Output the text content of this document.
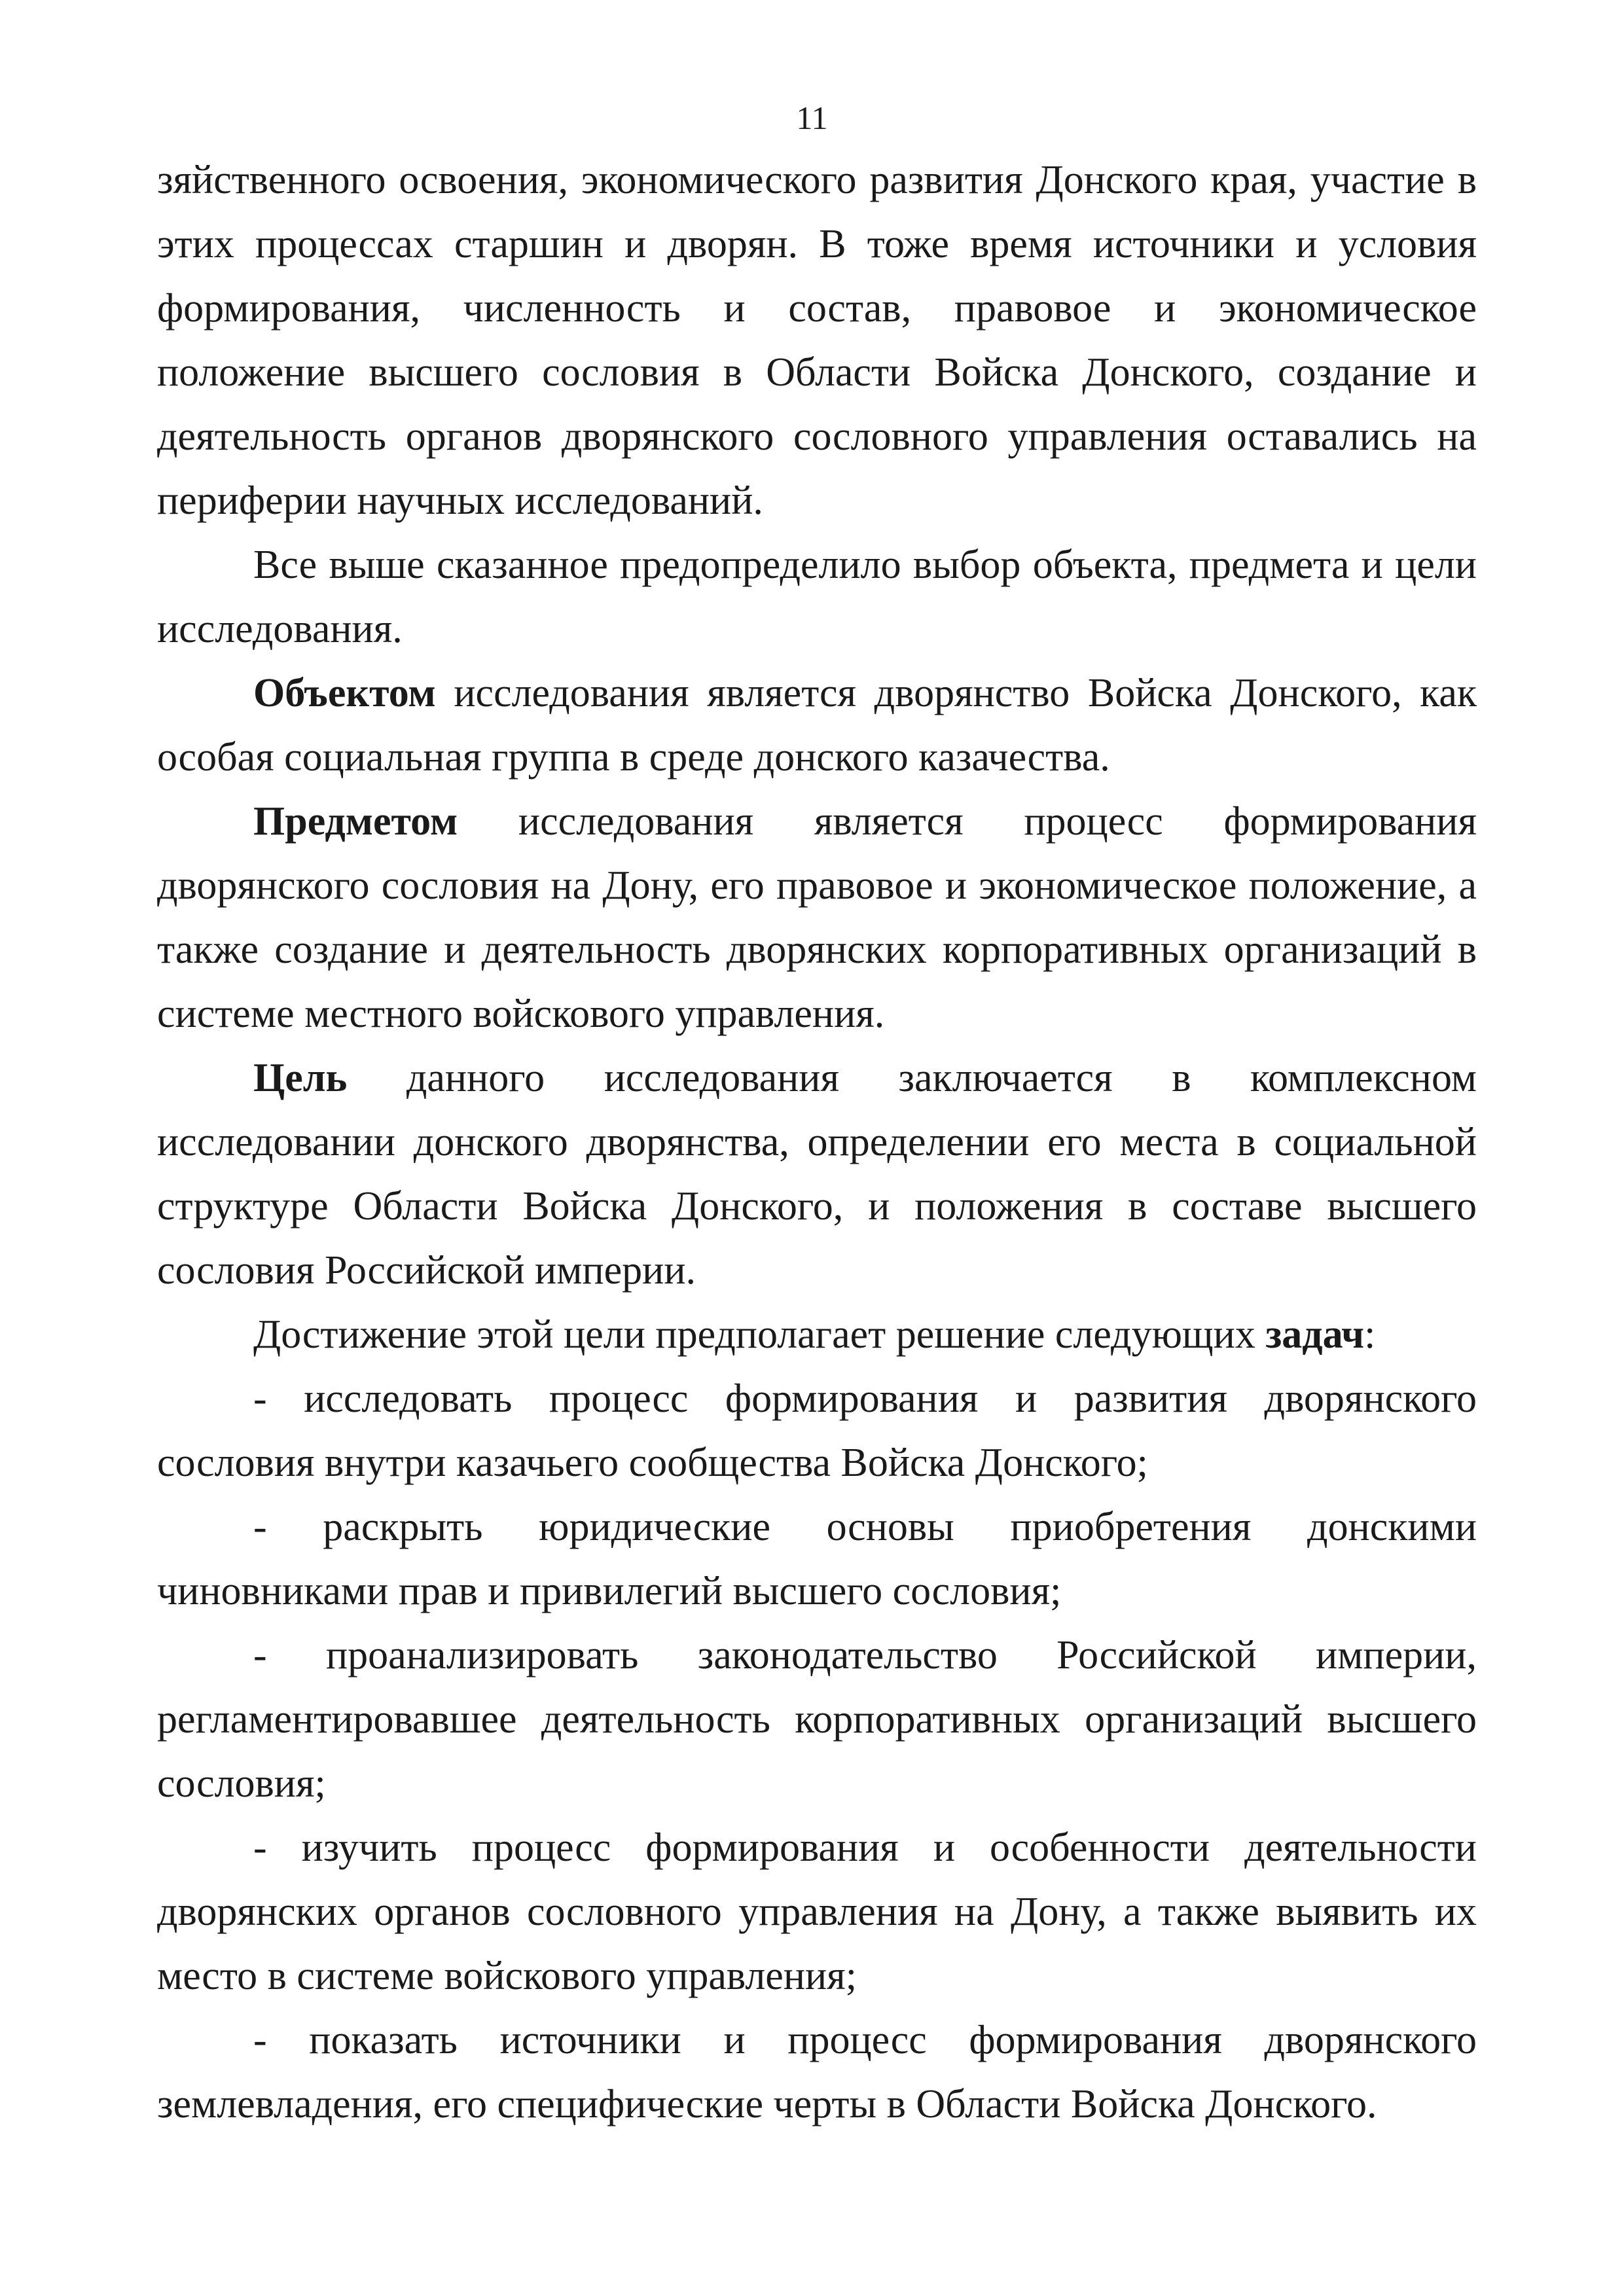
11

зяйственного освоения, экономического развития Донского края, участие в этих процессах старшин и дворян. В тоже время источники и условия формирования, численность и состав, правовое и экономическое положение высшего сословия в Области Войска Донского, создание и деятельность органов дворянского сословного управления оставались на периферии научных исследований.

Все выше сказанное предопределило выбор объекта, предмета и цели исследования.

Объектом исследования является дворянство Войска Донского, как особая социальная группа в среде донского казачества.

Предметом исследования является процесс формирования дворянского сословия на Дону, его правовое и экономическое положение, а также создание и деятельность дворянских корпоративных организаций в системе местного войскового управления.

Цель данного исследования заключается в комплексном исследовании донского дворянства, определении его места в социальной структуре Области Войска Донского, и положения в составе высшего сословия Российской империи.

Достижение этой цели предполагает решение следующих задач:

- исследовать процесс формирования и развития дворянского сословия внутри казачьего сообщества Войска Донского;

- раскрыть юридические основы приобретения донскими чиновниками прав и привилегий высшего сословия;

- проанализировать законодательство Российской империи, регламентировавшее деятельность корпоративных организаций высшего сословия;

- изучить процесс формирования и особенности деятельности дворянских органов сословного управления на Дону, а также выявить их место в системе войскового управления;

- показать источники и процесс формирования дворянского землевладения, его специфические черты в Области Войска Донского.
